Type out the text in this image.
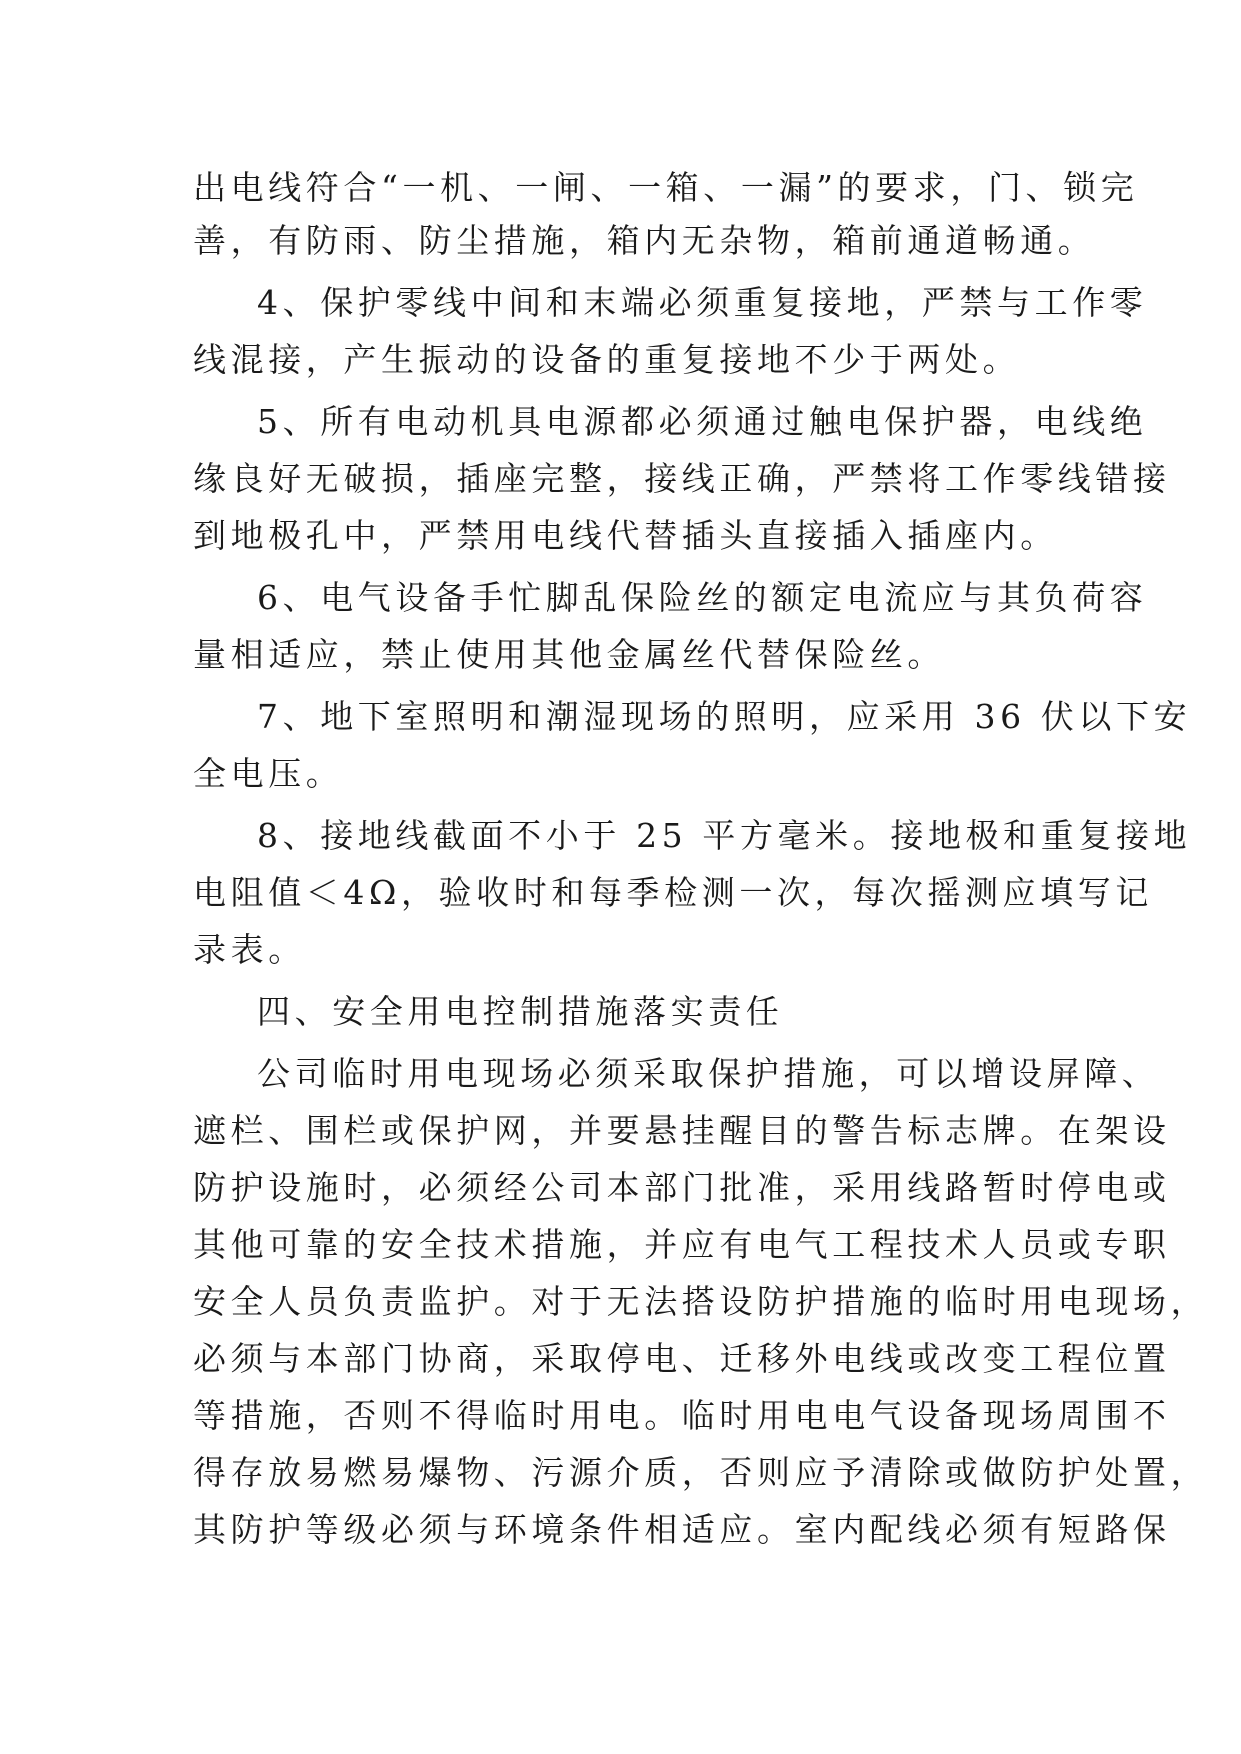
出电线符合“一机、一闸、一箱、一漏”的要求，门、锁完
善，有防雨、防尘措施，箱内无杂物，箱前通道畅通。
4、保护零线中间和末端必须重复接地，严禁与工作零
线混接，产生振动的设备的重复接地不少于两处。
5、所有电动机具电源都必须通过触电保护器，电线绝
缘良好无破损，插座完整，接线正确，严禁将工作零线错接
到地极孔中，严禁用电线代替插头直接插入插座内。
6、电气设备手忙脚乱保险丝的额定电流应与其负荷容
量相适应，禁止使用其他金属丝代替保险丝。
7、地下室照明和潮湿现场的照明，应采用 36 伏以下安
全电压。
8、接地线截面不小于 25 平方毫米。接地极和重复接地
电阻值＜4Ω，验收时和每季检测一次，每次摇测应填写记
录表。
四、安全用电控制措施落实责任
公司临时用电现场必须采取保护措施，可以增设屏障、
遮栏、围栏或保护网，并要悬挂醒目的警告标志牌。在架设
防护设施时，必须经公司本部门批准，采用线路暂时停电或
其他可靠的安全技术措施，并应有电气工程技术人员或专职
安全人员负责监护。对于无法搭设防护措施的临时用电现场，
必须与本部门协商，采取停电、迁移外电线或改变工程位置
等措施，否则不得临时用电。临时用电电气设备现场周围不
得存放易燃易爆物、污源介质，否则应予清除或做防护处置，
其防护等级必须与环境条件相适应。室内配线必须有短路保
